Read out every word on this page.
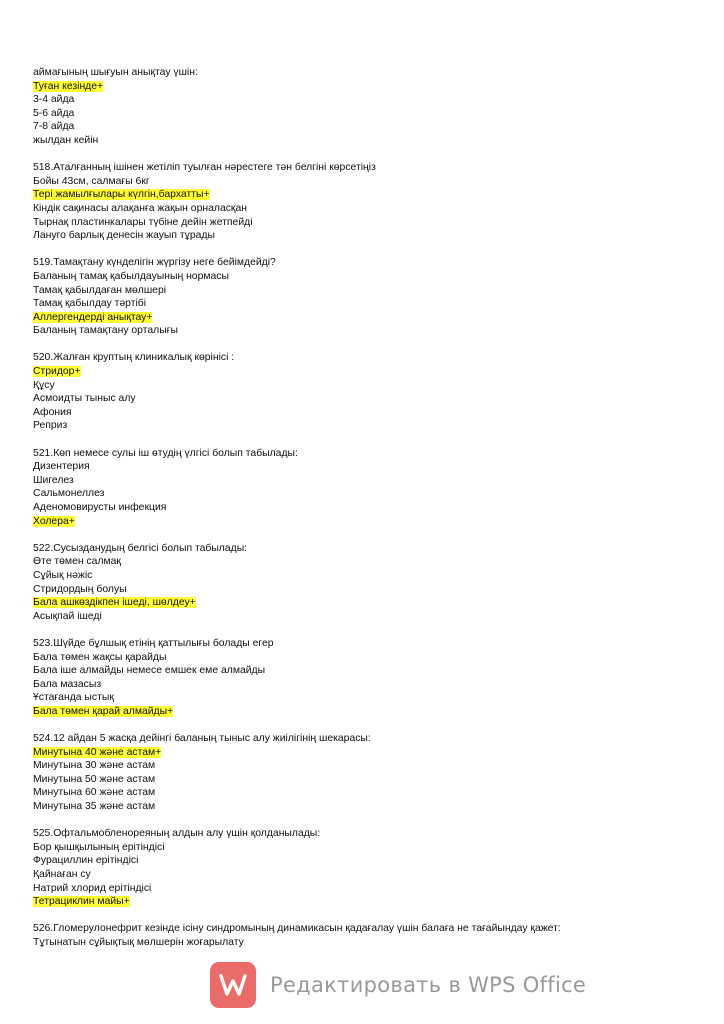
аймағының шығуын анықтау үшін:
Туған кезінде+
3-4 айда
5-6 айда
7-8 айда
жылдан кейін
518.Аталғанның ішінен жетіліп туылған нәрестеге тән белгіні көрсетіңіз
Бойы 43см, салмағы 6кг
Тері жамылғылары күлгін,бархатты+
Кіндік сақинасы алақанға жақын орналасқан
Тырнақ пластинкалары түбіне дейін жетпейді
Лануго барлық денесін жауып тұрады
519.Тамақтану күнделігін жүргізу неге бейімдейді?
Баланың тамақ қабылдауының нормасы
Тамақ қабылдаған мөлшері
Тамақ қабылдау тәртібі
Аллергендерді анықтау+
Баланың тамақтану орталығы
520.Жалған круптың клиникалық көрінісі :
Стридор+
Құсу
Асмоидты тыныс алу
Афония
Реприз
521.Көп немесе сулы іш өтудің үлгісі болып табылады:
Дизентерия
Шигелез
Сальмонеллез
Аденомовирусты инфекция
Холера+
522.Сусызданудың белгісі болып табылады:
Өте төмен салмақ
Сұйық нәжіс
Стридордың болуы
Бала ашкөздікпен ішеді, шөлдеу+
Асықпай ішеді
523.Шүйде бұлшық етінің қаттылығы болады егер
Бала төмен жақсы қарайды
Бала іше алмайды немесе емшек еме алмайды
Бала мазасыз
Ұстағанда ыстық
Бала төмен қарай алмайды+
524.12 айдан 5 жасқа дейінгі баланың тыныс алу жиілігінің шекарасы:
Минутына 40 және астам+
Минутына 30 және астам
Минутына 50 және астам
Минутына 60 және астам
Минутына 35 және астам
525.Офтальмобленореяның алдын алу үшін қолданылады:
Бор қышқылының ерітіндісі
Фурациллин ерітіндісі
Қайнаған су
Натрий хлорид ерітіндісі
Тетрациклин майы+
526.Гломерулонефрит кезінде ісіну синдромының динамикасын қадағалау үшін балаға не тағайындау қажет:
Тұтынатын сұйықтық мөлшерін жоғарылату
Редактировать в WPS Office
